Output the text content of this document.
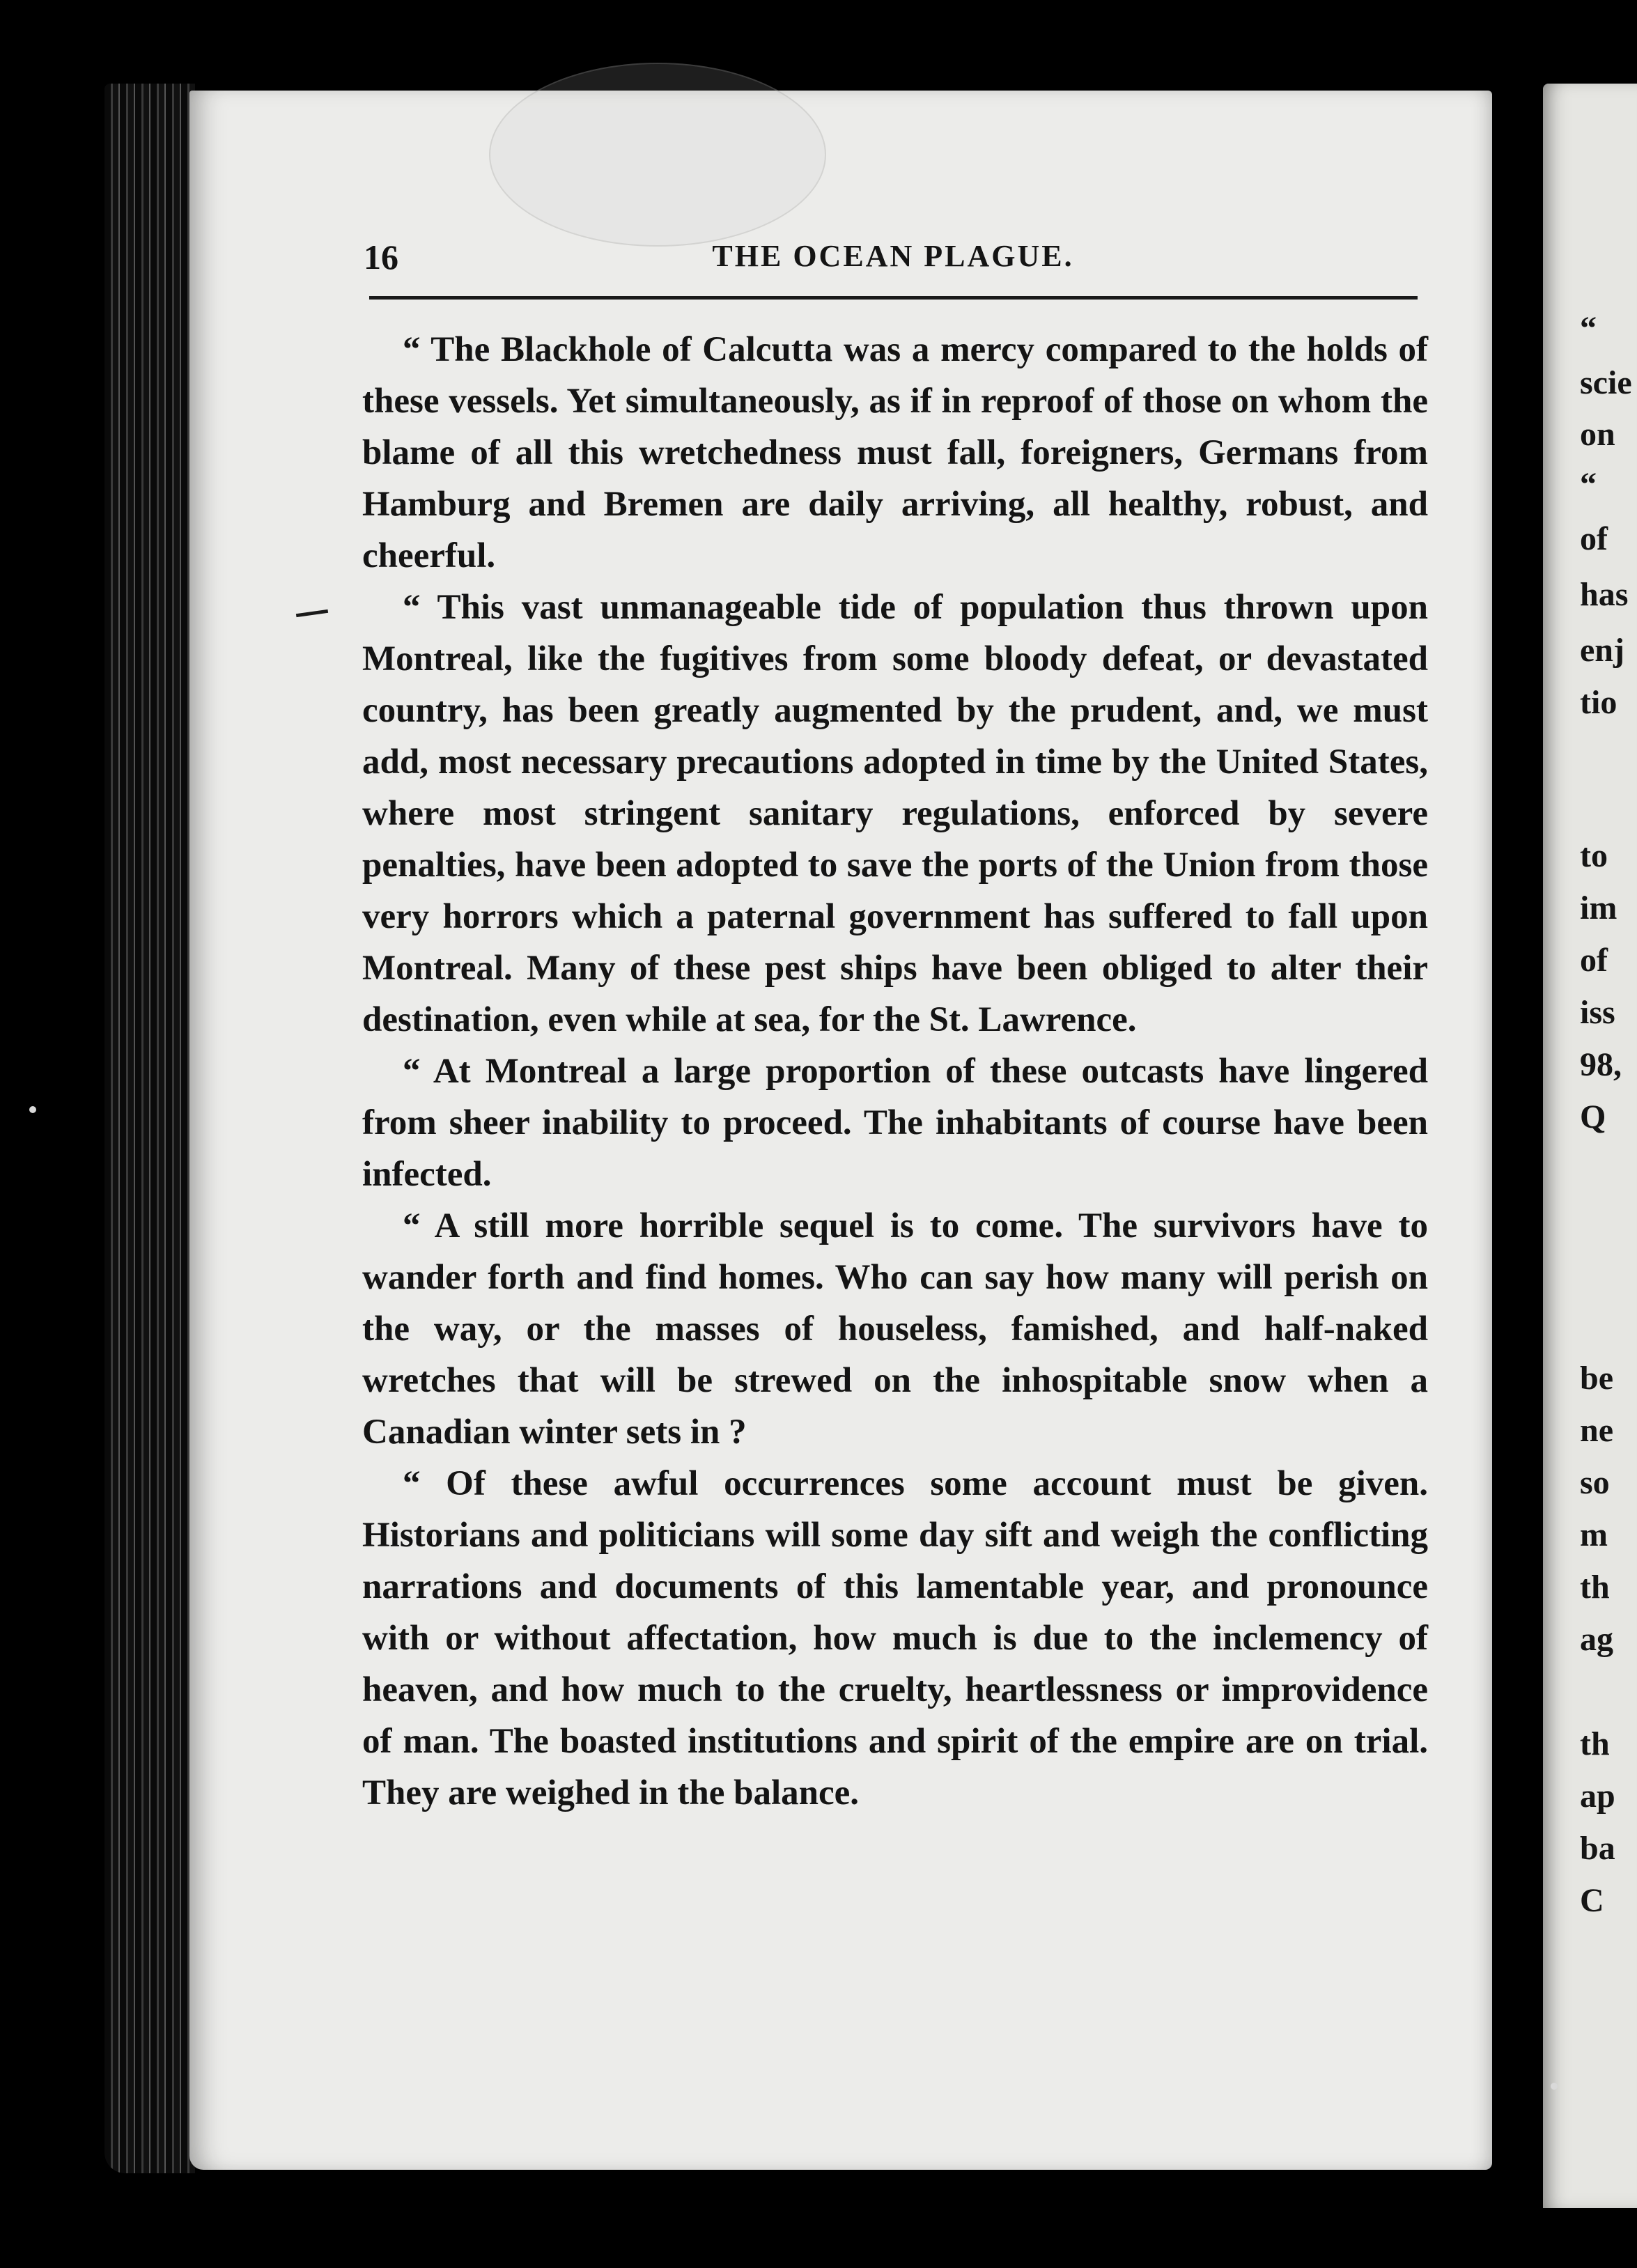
“
scie
on
“
of
has
enj
tio
to
im
of
iss
98,
Q
be
ne
so
m
th
ag
th
ap
ba
C
16	THE OCEAN PLAGUE.

“ The Blackhole of Calcutta was a mercy compared to the holds of these vessels. Yet simultaneously, as if in reproof of those on whom the blame of all this wretchedness must fall, foreigners, Germans from Hamburg and Bremen are daily arriving, all healthy, robust, and cheerful.

“ This vast unmanageable tide of population thus thrown upon Montreal, like the fugitives from some bloody defeat, or devastated country, has been greatly augmented by the prudent, and, we must add, most necessary precautions adopted in time by the United States, where most stringent sanitary regulations, enforced by severe penalties, have been adopted to save the ports of the Union from those very horrors which a paternal government has suffered to fall upon Montreal. Many of these pest ships have been obliged to alter their destination, even while at sea, for the St. Lawrence.

“ At Montreal a large proportion of these outcasts have lingered from sheer inability to proceed. The inhabitants of course have been infected.

“ A still more horrible sequel is to come. The survivors have to wander forth and find homes. Who can say how many will perish on the way, or the masses of houseless, famished, and half-naked wretches that will be strewed on the inhospitable snow when a Canadian winter sets in ?

“ Of these awful occurrences some account must be given. Historians and politicians will some day sift and weigh the conflicting narrations and documents of this lamentable year, and pronounce with or without affectation, how much is due to the inclemency of heaven, and how much to the cruelty, heartlessness or improvidence of man. The boasted institutions and spirit of the empire are on trial. They are weighed in the balance.
